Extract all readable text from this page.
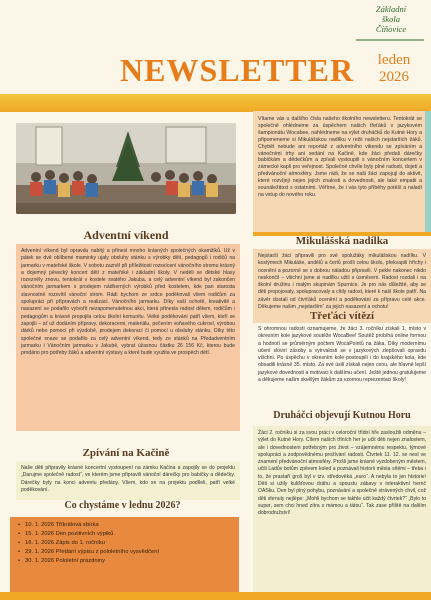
Základní
škola
Číňovice
NEWSLETTER	leden
2026
Vítame vás u dalšího čísla našeho školního newsletteru. Tentokrát se společně ohlédneme za úspěchem našich třeťáků v jazykovém šampionátu Wocabee, nahlédneme na výlet druháčků do Kutné Hory a připomeneme si Mikulášskou nadílku v režii našich nejstarších žáků. Chybět nebude ani reportáž z adventního vikendu se zpíváním a vánočními trhy ani sedání na Kačině, kde žáci předali dárečky babičkám a dědečkům a zpívali vystoupili s vánočním koncertem v zámecké kapli pro veřejnost. Společné chvíle byly plné radosti, dojetí a předvánoční atmosféry. Jsme rádi, že se naši žáci zapojují do aktivit, které rozvíjejí nejen jejich znalosti a dovednosti, ale také empatii a sounáležitost s ostatními. Věříme, že i vás tyto příběhy potěší a naladí na vstup do nového roku.
Adventní víkend
Adventní víkend byl opravdu nabitý a přinesl mnoho krásných společných okamžiků. Už v pátek se dvě oblíbené maminky ujaly obsluhy stánku s výrobky dětí, pedagogů i rodičů na jarmarku v mateřské škole. V sobotu zazněl při příležitosti rozsvícení vánočního stromu krásný a dojemný pěvecký koncert dětí z mateřské i základní školy. V neděli se dětské hlasy rozezněly znovu, tentokrát v kostele svatého Jakuba, a celý adventní víkend byl zakončen vánočním jarmarkem s prodejem nádherných výrobků před kostelem, kde pan starosta slavnostně rozsvítil vánoční strom. Rádi bychom ze srdce poděkovali všem rodičům za spolupráci při přípravách a realizaci. Vánočního jarmarku. Díky vaší ochotě, kreativitě a nasazení se podařilo vytvořit nezapomenutelnou akci, která přinesla radost dětem, rodičům i pedagogům a krásně propojila celou školní komunitu. Velké poděkování patří všem, kteří se zapojili – ať už dodáním přípravy, dekoracemi, materiálu, pečením voňavého cukroví, výrobou dárků nebo pomocí při výzdobě, prodejem dekorací či pomocí u obsluhy stánku. Díky této společné snaze se podařilo za celý adventní víkend, tedy ze stánků na Předadventním jarmarku i Vánočním jarmarku v Jakubě, vybrat úžasnou částku 26 156 Kč, kterou bude prodáno pro potřeby žáků a adventní výstavy a které bude využita ve prospěch dětí.
Zpívání na Kačině
Naše děti připravily krásné koncertní vystoupení na zámku Kačina a zapojily se do projektu „Darujme společně radost“, ve kterém jsme připravili vánoční dárečky pro babičky a dědečky. Dárečky byly na konci adventu předány. Všem, kdo se na projektu podíleli, patří velké poděkování.
Co chystáme v lednu 2026?
• 10. 1. 2026 Tříkrálová sbírka
• 15. 1. 2026 Den pozitivních výpiků
• 16. 1. 2026 Zápis do 1. ročníku
• 29. 1. 2026 Předání výpisu z pololetního vysvědčení
• 30. 1. 2026 Pololetní prázdniny
Mikulášská nadílka
Nejstarší žáci připravili pro své spolužáky mikulášskou nadílku. V kostýmech Mikuláše, andělů a čertů prošli celou školu, překvapili hříchy i ocenění a pozorně se s dobrou náladou připravili. V pekle nakonec nikdo neskončil – všichni jsme si nadílku užili s úsměvem. Radost rozdali i na školní družinu i malým skupinám Spurnice. Je pro nás důležité, aby se děti propojovaly, spolupracovaly a cítily radost, které k naší škole patří. Na závěr dostali od čtvrťáků ocenění a poděkování za přípravu celé akce. Děkujeme našim „nejstarším“ za jejich nasazení a ochotu!
Třeťáci vítězí
S ohromnou radostí oznamujeme, že žáci 3. ročníku získali 1. místo v okresním kole jazykové soutěže WocaBee! Soutěž probíhá online formou a hodnotí se průměrným počtem WocaPointů na žáka. Díky modernímu učení slovní zásoby a vytrvalosti se v jazykových zlepšovali opravdu všichni. Po úspěchu v okresním kole postoupili i do krajského kola, kde obsadili krásné 35. místo. Za své úsilí získali nejen cenu, ale hlavně lepší jazykové dovednosti a motivaci k dalšímu učení. Ještě jednou gratulujeme a děkujeme našim skvělým žákům za vzornou reprezentaci školy!
Druháčci objevují Kutnou Horu
Žáci 2. ročníku si za svou práci v celoroční třídní hře zasloužili odměnu – výlet do Kutné Hory. Cílem našich tříních her je učit děti nejen znalostem, ale i dovednostem potřebným pro život – vzájemnému respektu, týmové spolupráci a zodpovědnému prožívání radosti. Čtvrtek 11. 12. se nesl ve znamení předvánoční atmosféry. Prošli jsme krásné vyzdobeným městem, učili Ladův botům zpěvem koled a poznávali historii města sítěmi – třeba i to, že prastaří groš byl v tzv. středověká „euro“. A nebyla to jen historie! Děti si užily kulišťovou dráhu a spoustu zábavy v interaktivní hernč OASku. Den byl plný pohybu, poznávání a společně strávených chvil, což děti shrnuly nejlépe: „Mohli bychom se takhle učit každý čtvrtek?“ „Bylo to super, sem chci hned zítra s mámou a tátou“. Tak zase příště na dalším dobrodružství!
